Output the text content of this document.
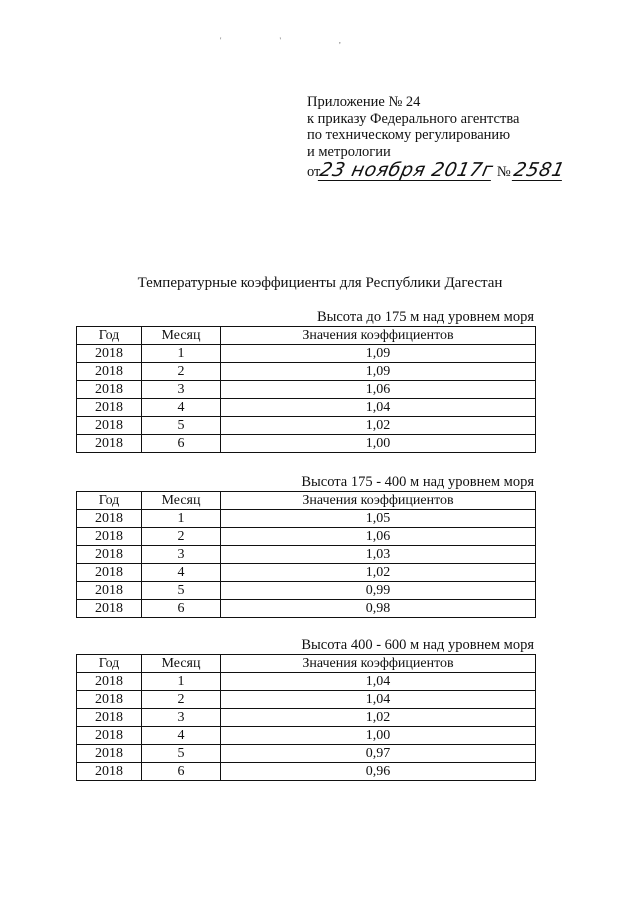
' ' ,
Приложение № 24
к приказу Федерального агентства
по техническому регулированию
и метрологии
от23 ноября 2017г № 2581
Температурные коэффициенты для Республики Дагестан
Высота до 175 м над уровнем моря
Год	Месяц	Значения коэффициентов
2018	1	1,09
2018	2	1,09
2018	3	1,06
2018	4	1,04
2018	5	1,02
2018	6	1,00
Высота 175 - 400 м над уровнем моря
Год	Месяц	Значения коэффициентов
2018	1	1,05
2018	2	1,06
2018	3	1,03
2018	4	1,02
2018	5	0,99
2018	6	0,98
Высота 400 - 600 м над уровнем моря
Год	Месяц	Значения коэффициентов
2018	1	1,04
2018	2	1,04
2018	3	1,02
2018	4	1,00
2018	5	0,97
2018	6	0,96
